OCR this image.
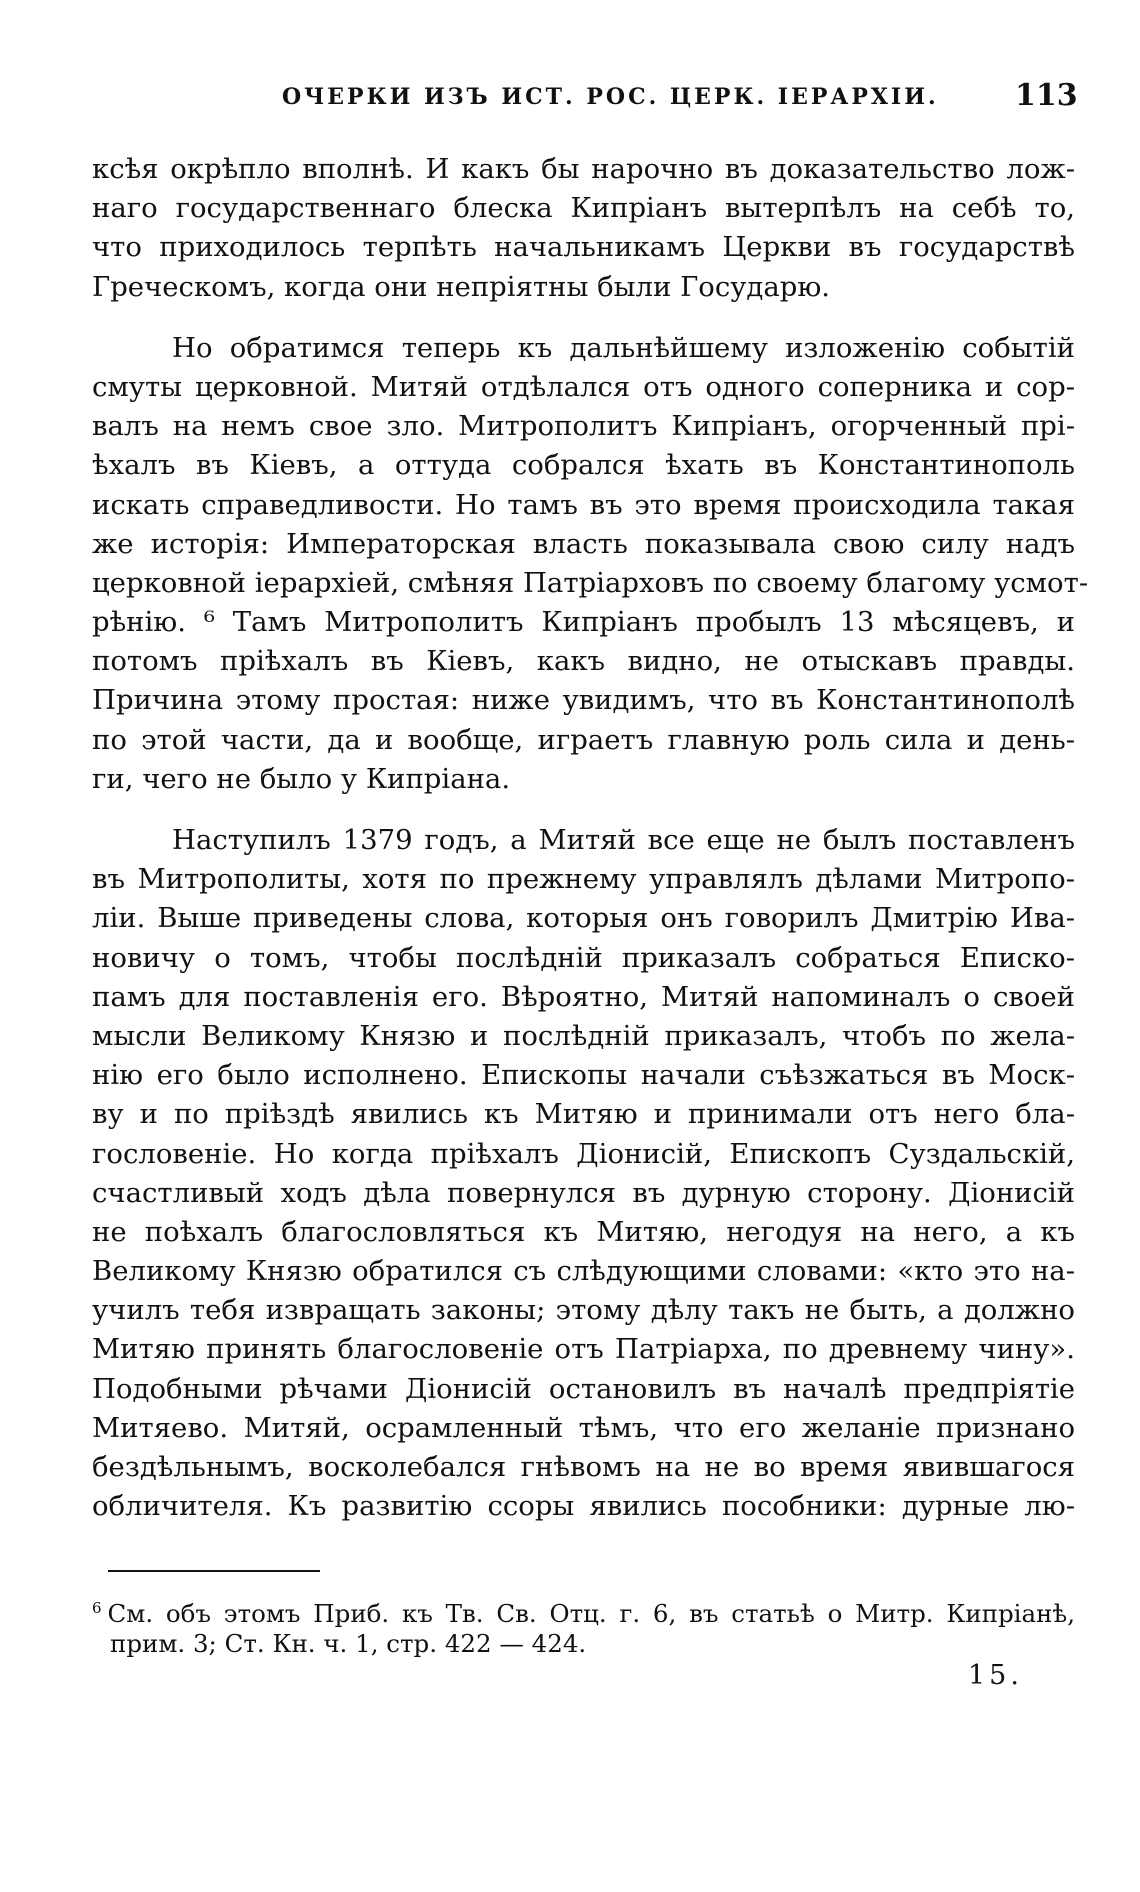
ОЧЕРКИ ИЗЪ ИСТ. РОС. ЦЕРК. ІЕРАРХІИ.	113
ксѣя окрѣпло вполнѣ. И какъ бы нарочно въ доказательство лож-
наго государственнаго блеска Кипріанъ вытерпѣлъ на себѣ то,
что приходилось терпѣть начальникамъ Церкви въ государствѣ
Греческомъ, когда они непріятны были Государю.
Но обратимся теперь къ дальнѣйшему изложенію событій
смуты церковной. Митяй отдѣлался отъ одного соперника и сор-
валъ на немъ свое зло. Митрополитъ Кипріанъ, огорченный прі-
ѣхалъ въ Кіевъ, а оттуда собрался ѣхать въ Константинополь
искать справедливости. Но тамъ въ это время происходила такая
же исторія: Императорская власть показывала свою силу надъ
церковной іерархіей, смѣняя Патріарховъ по своему благому усмот-
рѣнію. ⁶ Тамъ Митрополитъ Кипріанъ пробылъ 13 мѣсяцевъ, и
потомъ пріѣхалъ въ Кіевъ, какъ видно, не отыскавъ правды.
Причина этому простая: ниже увидимъ, что въ Константинополѣ
по этой части, да и вообще, играетъ главную роль сила и день-
ги, чего не было у Кипріана.
Наступилъ 1379 годъ, а Митяй все еще не былъ поставленъ
въ Митрополиты, хотя по прежнему управлялъ дѣлами Митропо-
ліи. Выше приведены слова, которыя онъ говорилъ Дмитрію Ива-
новичу о томъ, чтобы послѣдній приказалъ собраться Еписко-
памъ для поставленія его. Вѣроятно, Митяй напоминалъ о своей
мысли Великому Князю и послѣдній приказалъ, чтобъ по жела-
нію его было исполнено. Епископы начали съѣзжаться въ Моск-
ву и по пріѣздѣ явились къ Митяю и принимали отъ него бла-
гословеніе. Но когда пріѣхалъ Діонисій, Епископъ Суздальскій,
счастливый ходъ дѣла повернулся въ дурную сторону. Діонисій
не поѣхалъ благословляться къ Митяю, негодуя на него, а къ
Великому Князю обратился съ слѣдующими словами: «кто это на-
училъ тебя извращать законы; этому дѣлу такъ не быть, а должно
Митяю принять благословеніе отъ Патріарха, по древнему чину».
Подобными рѣчами Діонисій остановилъ въ началѣ предпріятіе
Митяево. Митяй, осрамленный тѣмъ, что его желаніе признано
бездѣльнымъ, восколебался гнѣвомъ на не во время явившагося
обличителя. Къ развитію ссоры явились пособники: дурные лю-
$^6$ См. объ этомъ Приб. къ Тв. Св. Отц. г. 6, въ статьѣ о Митр. Кипріанѣ,
прим. 3; Ст. Кн. ч. 1, стр. 422 — 424.
15.
